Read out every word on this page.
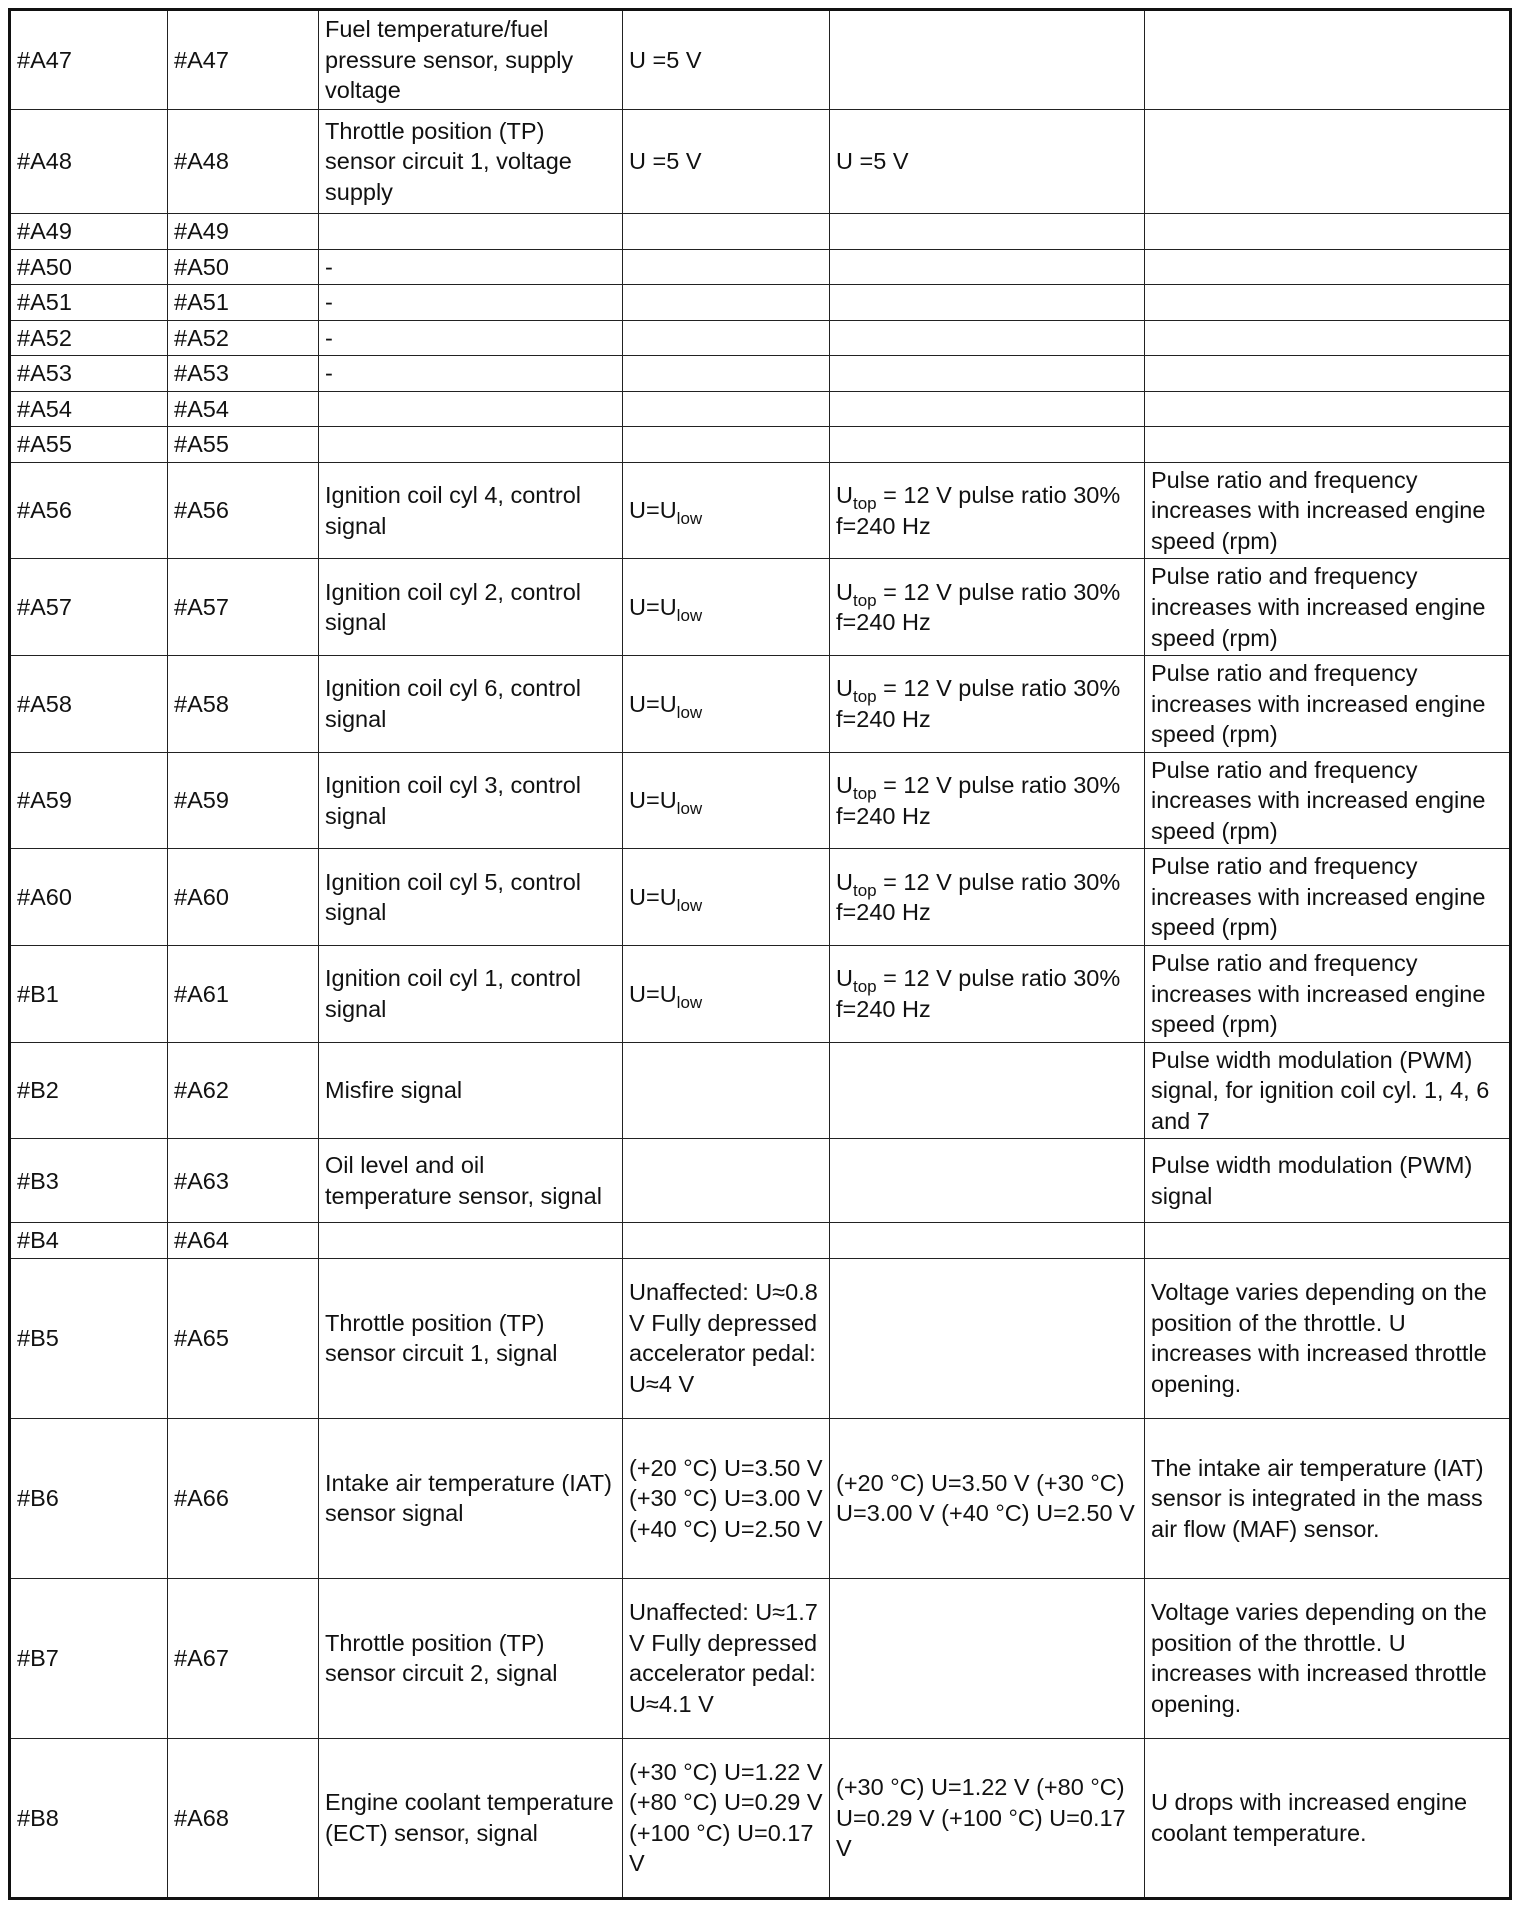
#A47	#A47	Fuel temperature/fuel pressure sensor, supply voltage	U =5 V		
#A48	#A48	Throttle position (TP) sensor circuit 1, voltage supply	U =5 V	U =5 V	
#A49	#A49				
#A50	#A50	-			
#A51	#A51	-			
#A52	#A52	-			
#A53	#A53	-			
#A54	#A54				
#A55	#A55				
#A56	#A56	Ignition coil cyl 4, control signal	$U=U_{low}$	$U_{top} = 12$ V pulse ratio 30% f=240 Hz	Pulse ratio and frequency increases with increased engine speed (rpm)
#A57	#A57	Ignition coil cyl 2, control signal	$U=U_{low}$	$U_{top} = 12$ V pulse ratio 30% f=240 Hz	Pulse ratio and frequency increases with increased engine speed (rpm)
#A58	#A58	Ignition coil cyl 6, control signal	$U=U_{low}$	$U_{top} = 12$ V pulse ratio 30% f=240 Hz	Pulse ratio and frequency increases with increased engine speed (rpm)
#A59	#A59	Ignition coil cyl 3, control signal	$U=U_{low}$	$U_{top} = 12$ V pulse ratio 30% f=240 Hz	Pulse ratio and frequency increases with increased engine speed (rpm)
#A60	#A60	Ignition coil cyl 5, control signal	$U=U_{low}$	$U_{top} = 12$ V pulse ratio 30% f=240 Hz	Pulse ratio and frequency increases with increased engine speed (rpm)
#B1	#A61	Ignition coil cyl 1, control signal	$U=U_{low}$	$U_{top} = 12$ V pulse ratio 30% f=240 Hz	Pulse ratio and frequency increases with increased engine speed (rpm)
#B2	#A62	Misfire signal			Pulse width modulation (PWM) signal, for ignition coil cyl. 1, 4, 6 and 7
#B3	#A63	Oil level and oil temperature sensor, signal			Pulse width modulation (PWM) signal
#B4	#A64				
#B5	#A65	Throttle position (TP) sensor circuit 1, signal	Unaffected: U≈0.8 V Fully depressed accelerator pedal: U≈4 V		Voltage varies depending on the position of the throttle. U increases with increased throttle opening.
#B6	#A66	Intake air temperature (IAT) sensor signal	(+20 °C) U=3.50 V (+30 °C) U=3.00 V (+40 °C) U=2.50 V	(+20 °C) U=3.50 V (+30 °C) U=3.00 V (+40 °C) U=2.50 V	The intake air temperature (IAT) sensor is integrated in the mass air flow (MAF) sensor.
#B7	#A67	Throttle position (TP) sensor circuit 2, signal	Unaffected: U≈1.7 V Fully depressed accelerator pedal: U≈4.1 V		Voltage varies depending on the position of the throttle. U increases with increased throttle opening.
#B8	#A68	Engine coolant temperature (ECT) sensor, signal	(+30 °C) U=1.22 V (+80 °C) U=0.29 V (+100 °C) U=0.17 V	(+30 °C) U=1.22 V (+80 °C) U=0.29 V (+100 °C) U=0.17 V	U drops with increased engine coolant temperature.
